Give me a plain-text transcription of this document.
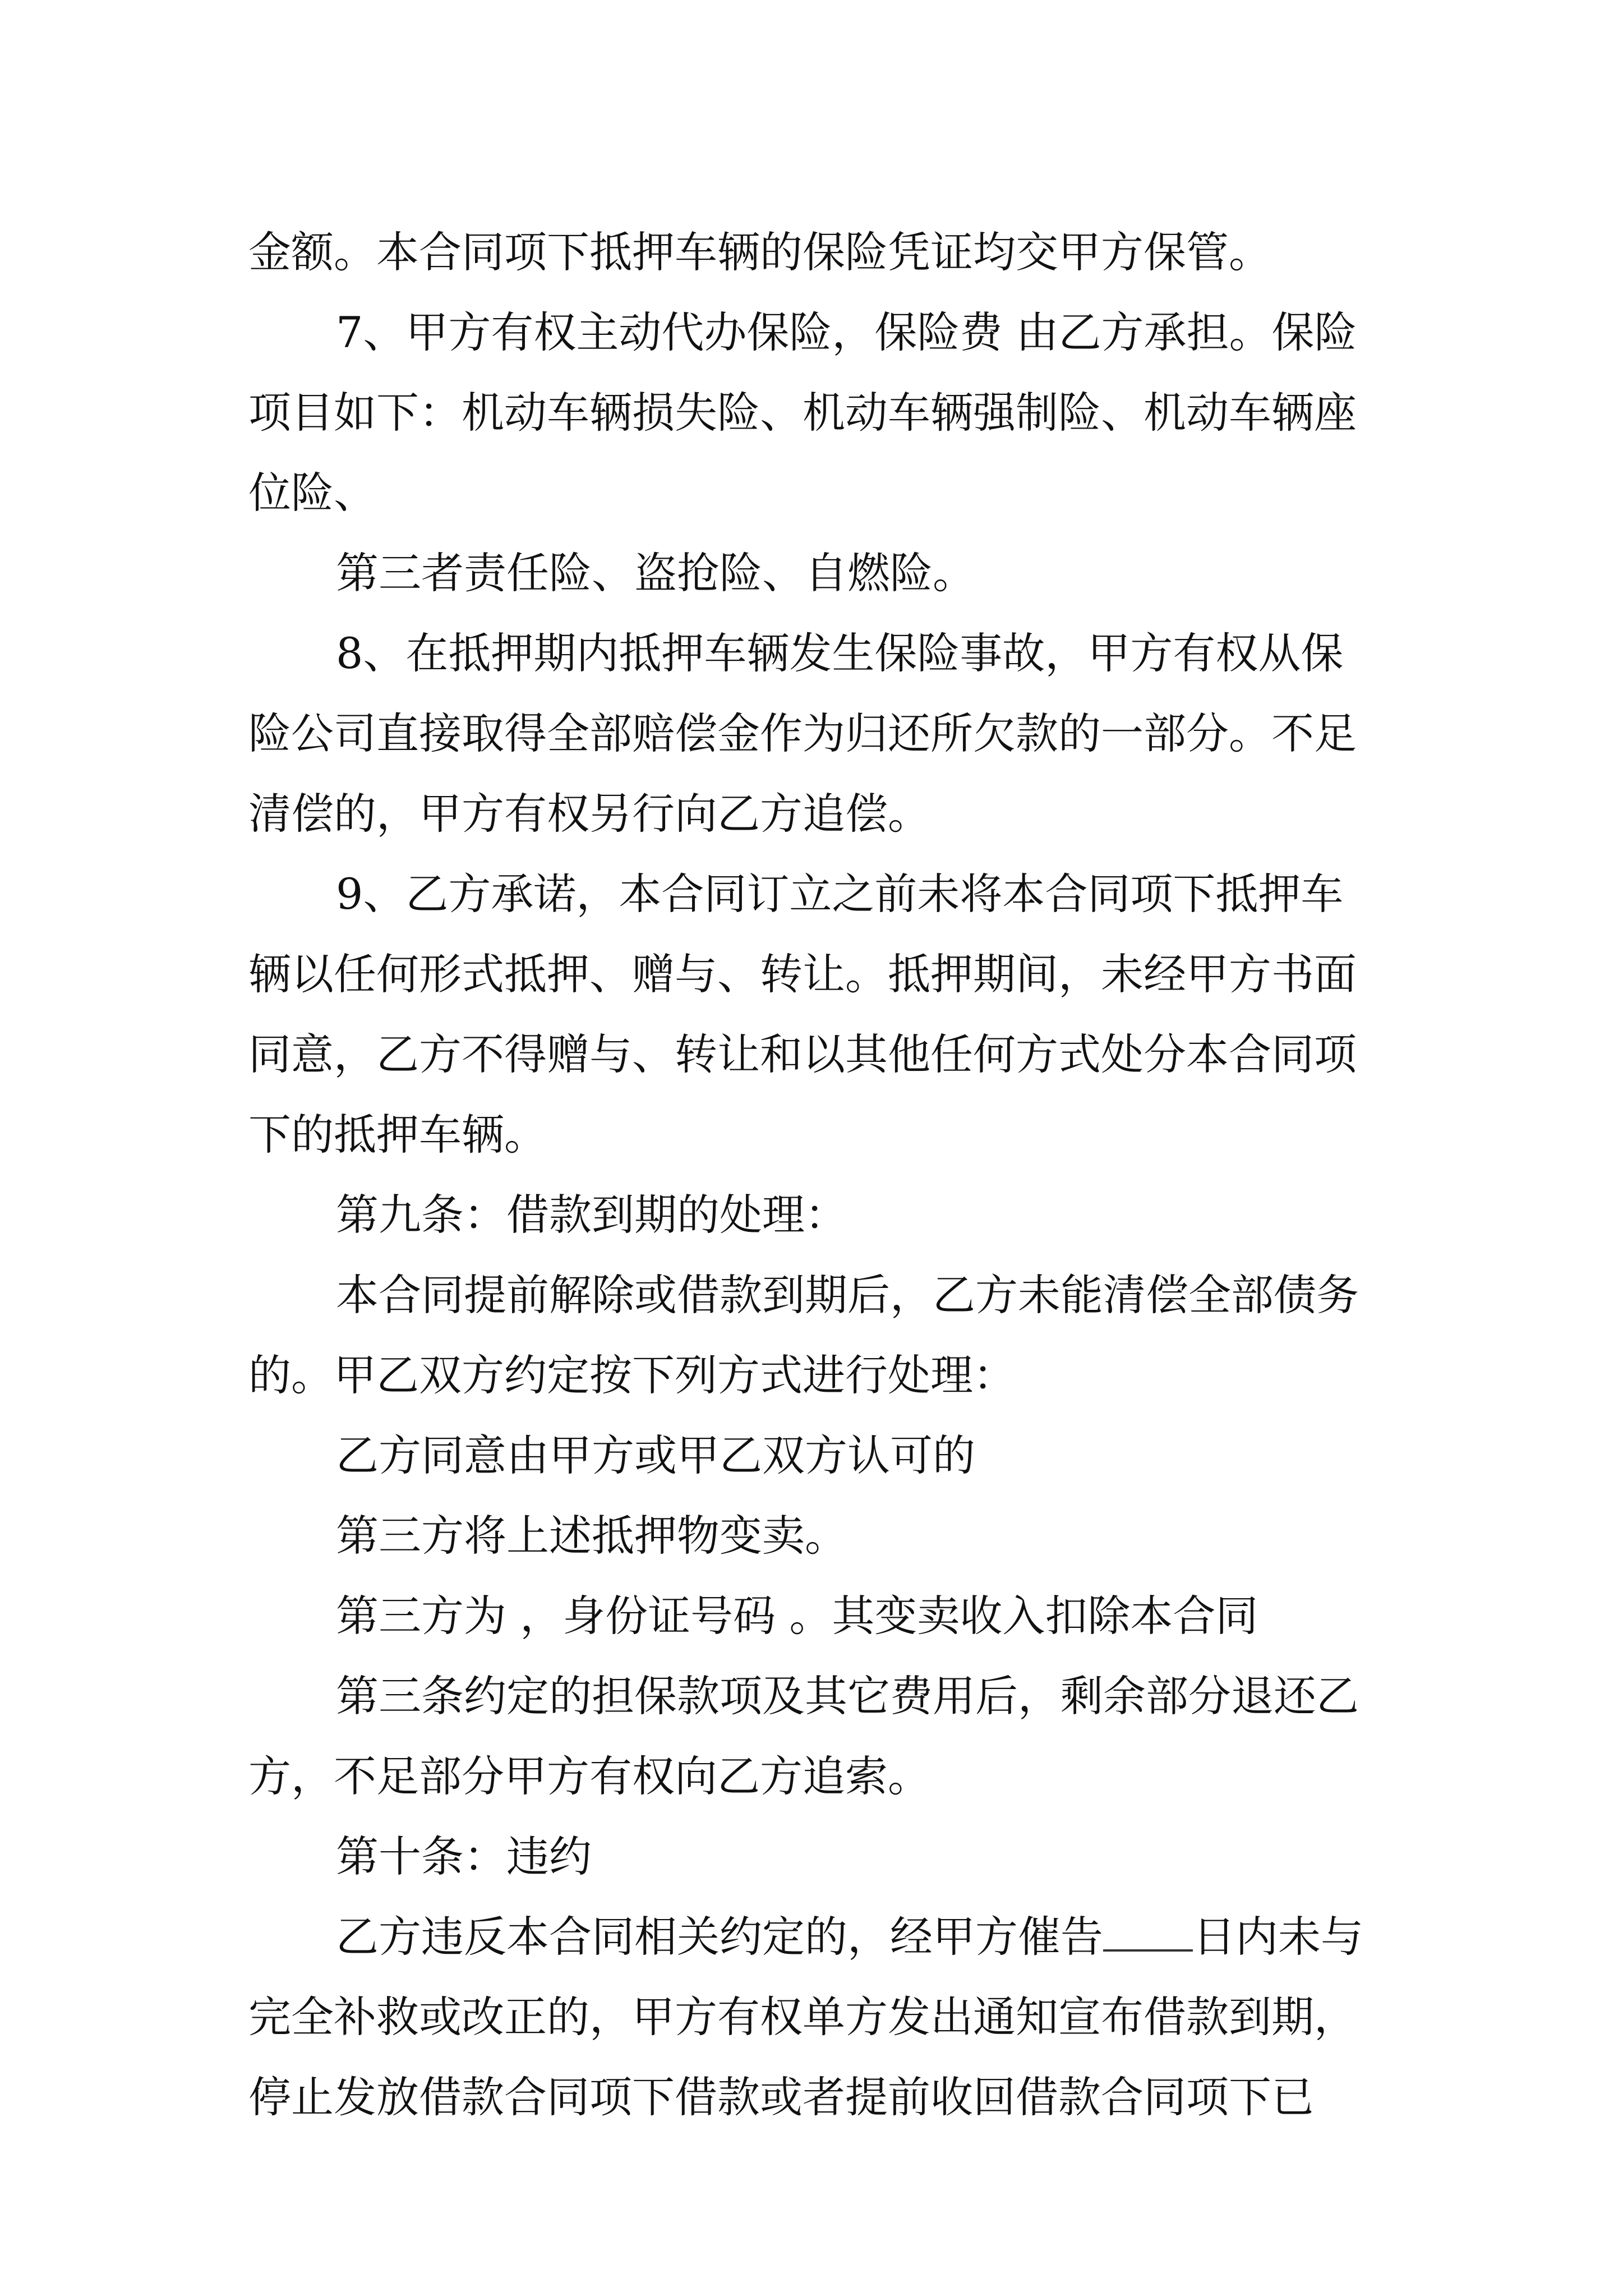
金额。本合同项下抵押车辆的保险凭证均交甲方保管。
7、甲方有权主动代办保险，保险费 由乙方承担。保险
项目如下：机动车辆损失险、机动车辆强制险、机动车辆座
位险、
第三者责任险、盗抢险、自燃险。
8、在抵押期内抵押车辆发生保险事故，甲方有权从保
险公司直接取得全部赔偿金作为归还所欠款的一部分。不足
清偿的，甲方有权另行向乙方追偿。
9、乙方承诺，本合同订立之前未将本合同项下抵押车
辆以任何形式抵押、赠与、转让。抵押期间，未经甲方书面
同意，乙方不得赠与、转让和以其他任何方式处分本合同项
下的抵押车辆。
第九条：借款到期的处理：
本合同提前解除或借款到期后，乙方未能清偿全部债务
的。甲乙双方约定按下列方式进行处理：
乙方同意由甲方或甲乙双方认可的
第三方将上述抵押物变卖。
第三方为 ，身份证号码 。其变卖收入扣除本合同
第三条约定的担保款项及其它费用后，剩余部分退还乙
方，不足部分甲方有权向乙方追索。
第十条：违约
乙方违反本合同相关约定的，经甲方催告 日内未与
完全补救或改正的，甲方有权单方发出通知宣布借款到期，
停止发放借款合同项下借款或者提前收回借款合同项下已
